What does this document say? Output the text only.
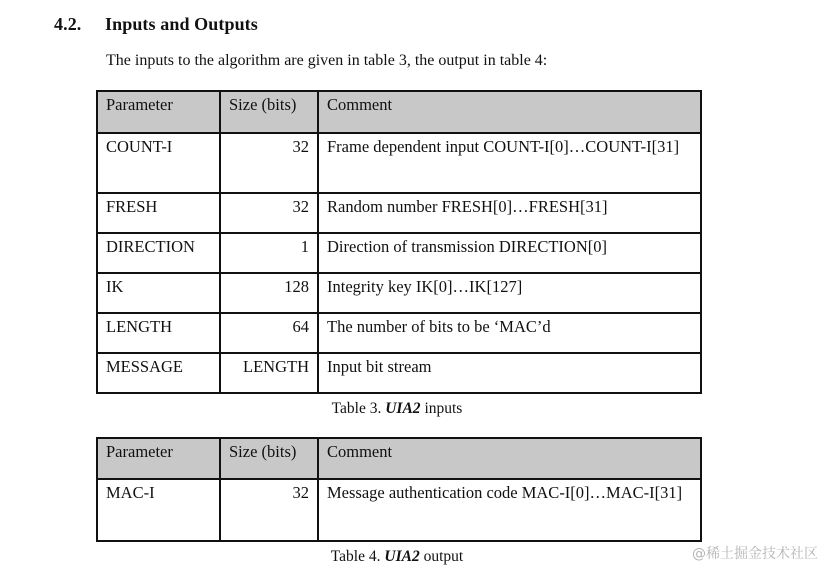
4.2. Inputs and Outputs
The inputs to the algorithm are given in table 3, the output in table 4:
Parameter	Size (bits)	Comment
COUNT-I	32	Frame dependent input COUNT-I[0]…COUNT-I[31]
FRESH	32	Random number FRESH[0]…FRESH[31]
DIRECTION	1	Direction of transmission DIRECTION[0]
IK	128	Integrity key IK[0]…IK[127]
LENGTH	64	The number of bits to be ‘MAC’d
MESSAGE	LENGTH	Input bit stream
Table 3. UIA2 inputs
Parameter	Size (bits)	Comment
MAC-I	32	Message authentication code MAC-I[0]…MAC-I[31]
Table 4. UIA2 output	@稀土掘金技术社区
